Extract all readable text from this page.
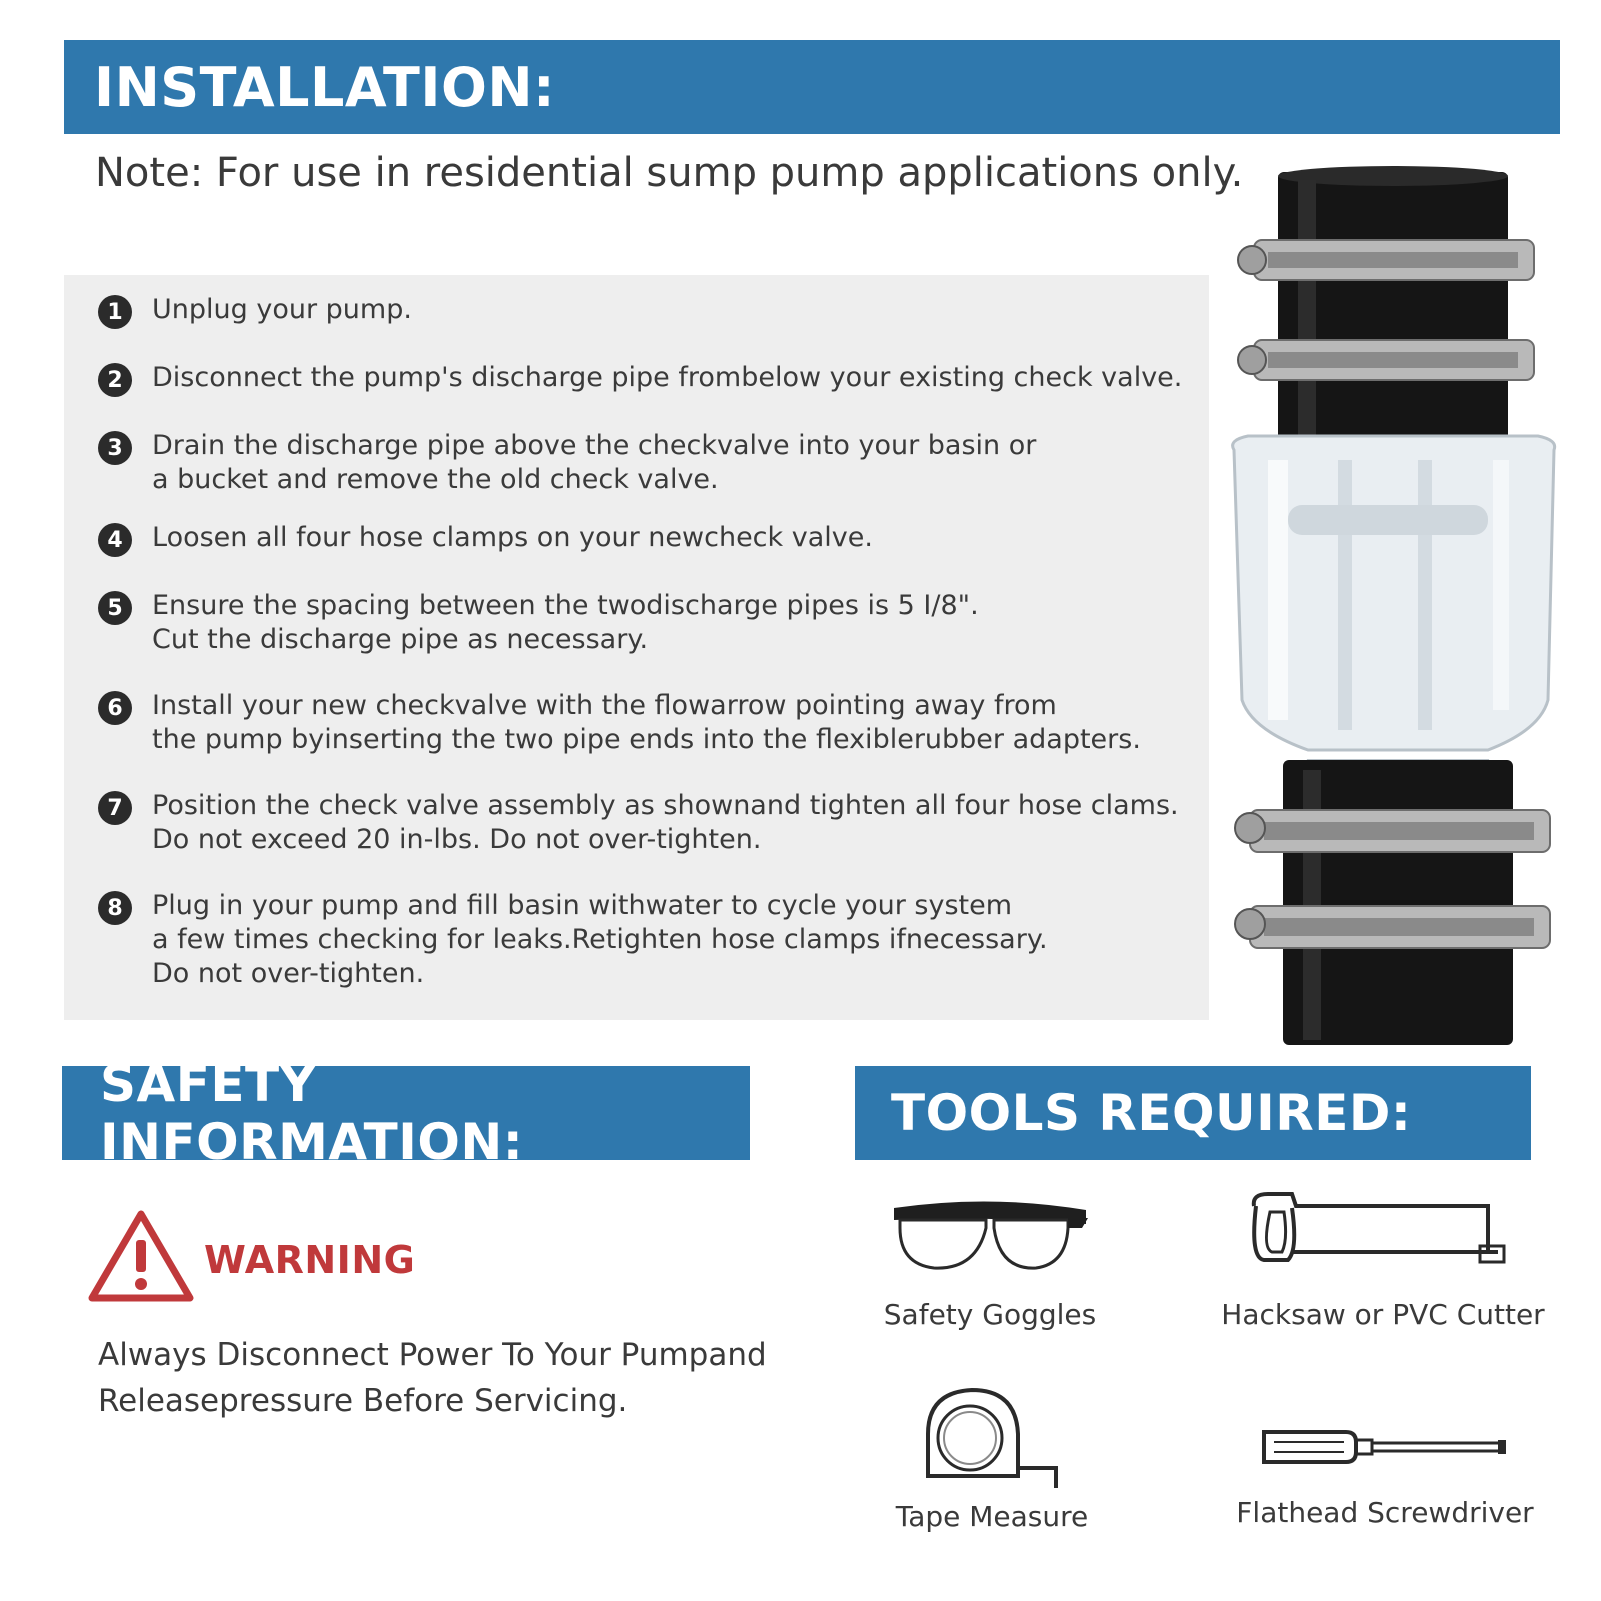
INSTALLATION:
Note: For use in residential sump pump applications only.
1	Unplug your pump.
2	Disconnect the pump's discharge pipe frombelow your existing check valve.
3	Drain the discharge pipe above the checkvalve into your basin or
a bucket and remove the old check valve.
4	Loosen all four hose clamps on your newcheck valve.
5	Ensure the spacing between the twodischarge pipes is 5 I/8".
Cut the discharge pipe as necessary.
6	Install your new checkvalve with the flowarrow pointing away from
the pump byinserting the two pipe ends into the flexiblerubber adapters.
7	Position the check valve assembly as shownand tighten all four hose clams.
Do not exceed 20 in-lbs. Do not over-tighten.
8	Plug in your pump and fill basin withwater to cycle your system
a few times checking for leaks.Retighten hose clamps ifnecessary.
Do not over-tighten.
SAFETY INFORMATION:
WARNING
Always Disconnect Power To Your Pumpand
Releasepressure Before Servicing.
TOOLS REQUIRED:
Safety Goggles	Hacksaw or PVC Cutter
Tape Measure	Flathead Screwdriver
